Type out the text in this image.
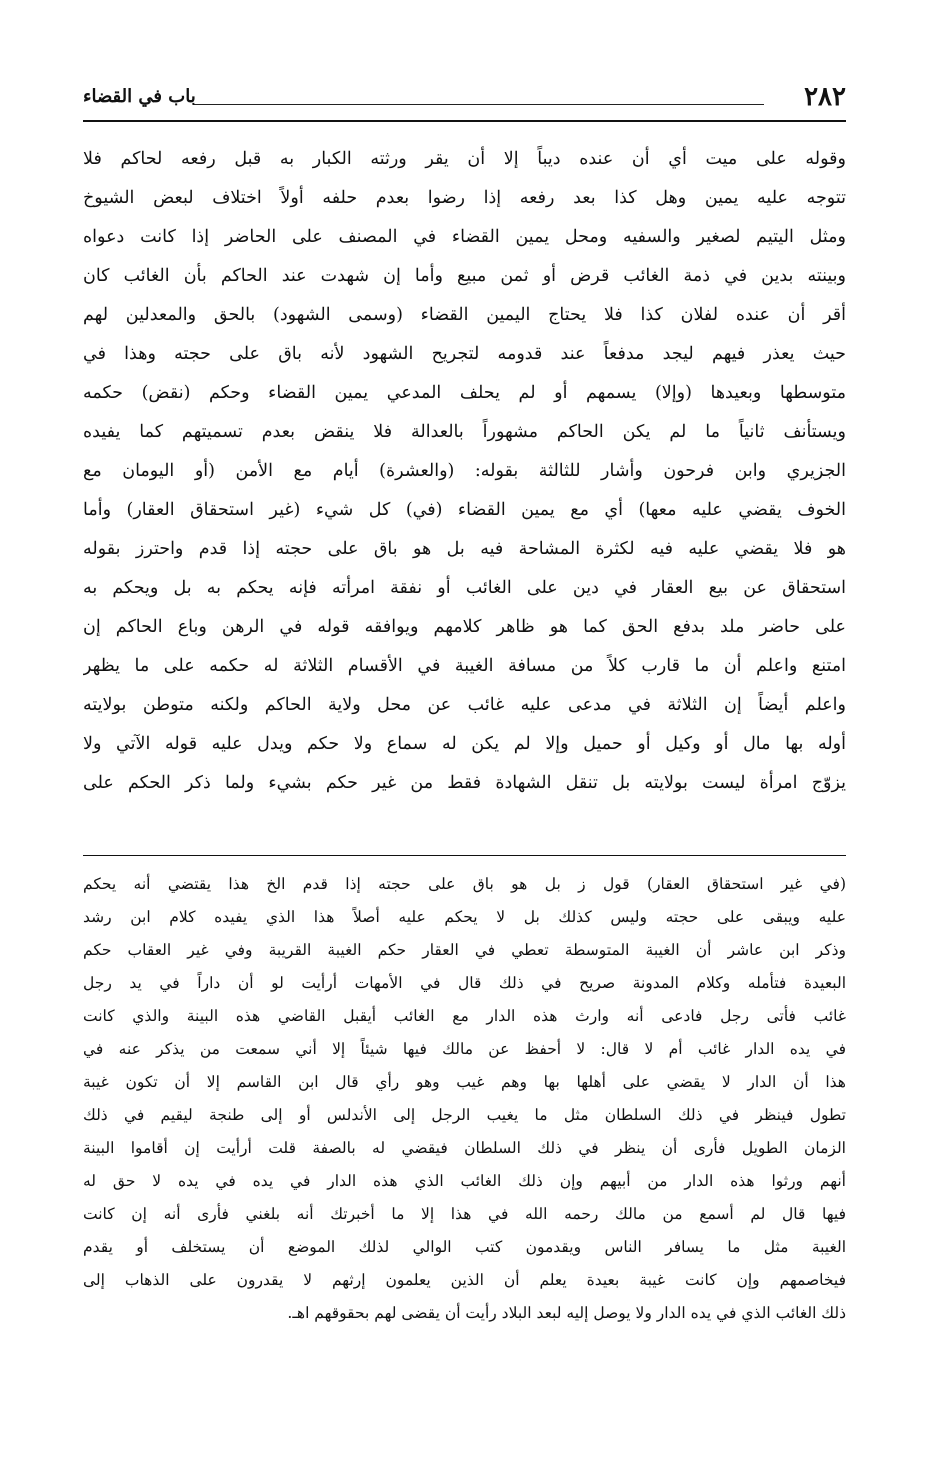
٢٨٢
باب في القضاء
وقوله على ميت أي أن عنده ديباً إلا أن يقر ورثته الكبار به قبل رفعه لحاكم فلا
تتوجه عليه يمين وهل كذا بعد رفعه إذا رضوا بعدم حلفه أولاً اختلاف لبعض الشيوخ
ومثل اليتيم لصغير والسفيه ومحل يمين القضاء في المصنف على الحاضر إذا كانت دعواه
وبينته بدين في ذمة الغائب قرض أو ثمن مبيع وأما إن شهدت عند الحاكم بأن الغائب كان
أقر أن عنده لفلان كذا فلا يحتاج اليمين القضاء (وسمى الشهود) بالحق والمعدلين لهم
حيث يعذر فيهم ليجد مدفعاً عند قدومه لتجريح الشهود لأنه باق على حجته وهذا في
متوسطها وبعيدها (وإلا) يسمهم أو لم يحلف المدعي يمين القضاء وحكم (نقض) حكمه
ويستأنف ثانياً ما لم يكن الحاكم مشهوراً بالعدالة فلا ينقض بعدم تسميتهم كما يفيده
الجزيري وابن فرحون وأشار للثالثة بقوله: (والعشرة) أيام مع الأمن (أو اليومان مع
الخوف يقضي عليه معها) أي مع يمين القضاء (في) كل شيء (غير استحقاق العقار) وأما
هو فلا يقضي عليه فيه لكثرة المشاحة فيه بل هو باق على حجته إذا قدم واحترز بقوله
استحقاق عن بيع العقار في دين على الغائب أو نفقة امرأته فإنه يحكم به بل ويحكم به
على حاضر ملد بدفع الحق كما هو ظاهر كلامهم ويوافقه قوله في الرهن وباع الحاكم إن
امتنع واعلم أن ما قارب كلاً من مسافة الغيبة في الأقسام الثلاثة له حكمه على ما يظهر
واعلم أيضاً إن الثلاثة في مدعى عليه غائب عن محل ولاية الحاكم ولكنه متوطن بولايته
أوله بها مال أو وكيل أو حميل وإلا لم يكن له سماع ولا حكم ويدل عليه قوله الآتي ولا
يزوّج امرأة ليست بولايته بل تنقل الشهادة فقط من غير حكم بشيء ولما ذكر الحكم على
(في غير استحقاق العقار) قول ز بل هو باق على حجته إذا قدم الخ هذا يقتضي أنه يحكم
عليه ويبقى على حجته وليس كذلك بل لا يحكم عليه أصلاً هذا الذي يفيده كلام ابن رشد
وذكر ابن عاشر أن الغيبة المتوسطة تعطي في العقار حكم الغيبة القريبة وفي غير العقاب حكم
البعيدة فتأمله وكلام المدونة صريح في ذلك قال في الأمهات أرأيت لو أن داراً في يد رجل
غائب فأتى رجل فادعى أنه وارث هذه الدار مع الغائب أيقبل القاضي هذه البينة والذي كانت
في يده الدار غائب أم لا قال: لا أحفظ عن مالك فيها شيئاً إلا أني سمعت من يذكر عنه في
هذا أن الدار لا يقضي على أهلها بها وهم غيب وهو رأي قال ابن القاسم إلا أن تكون غيبة
تطول فينظر في ذلك السلطان مثل ما يغيب الرجل إلى الأندلس أو إلى طنجة ليقيم في ذلك
الزمان الطويل فأرى أن ينظر في ذلك السلطان فيقضي له بالصفة قلت أرأيت إن أقاموا البينة
أنهم ورثوا هذه الدار من أبيهم وإن ذلك الغائب الذي هذه الدار في يده في يده لا حق له
فيها قال لم أسمع من مالك رحمه الله في هذا إلا ما أخبرتك أنه بلغني فأرى أنه إن كانت
الغيبة مثل ما يسافر الناس ويقدمون كتب الوالي لذلك الموضع أن يستخلف أو يقدم
فيخاصمهم وإن كانت غيبة بعيدة يعلم أن الذين يعلمون إرثهم لا يقدرون على الذهاب إلى
ذلك الغائب الذي في يده الدار ولا يوصل إليه لبعد البلاد رأيت أن يقضى لهم بحقوقهم اهـ.
